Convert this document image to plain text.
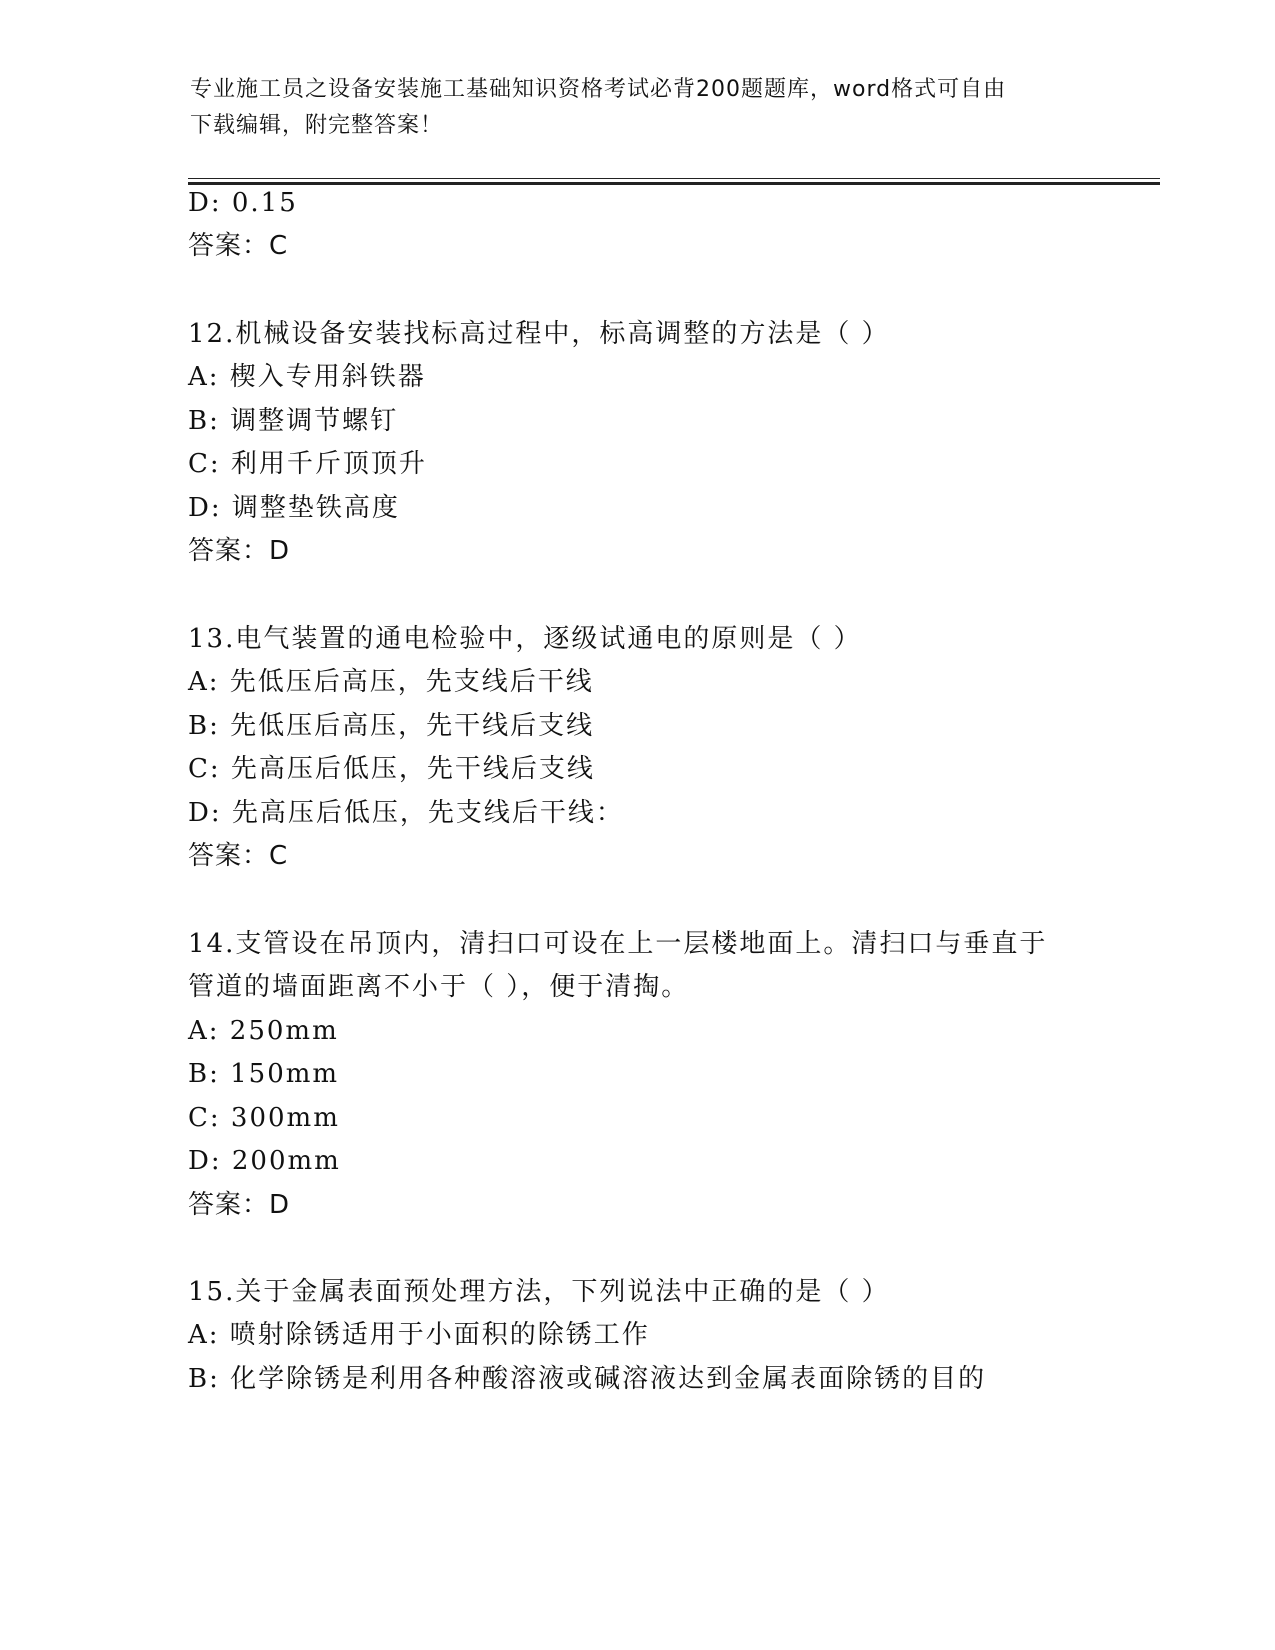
专业施工员之设备安装施工基础知识资格考试必背200题题库，word格式可自由
下载编辑，附完整答案！
D: 0.15
答案：C
12.机械设备安装找标高过程中，标高调整的方法是（ ）
A: 楔入专用斜铁器
B: 调整调节螺钉
C: 利用千斤顶顶升
D: 调整垫铁高度
答案：D
13.电气装置的通电检验中，逐级试通电的原则是（ ）
A: 先低压后高压，先支线后干线
B: 先低压后高压，先干线后支线
C: 先高压后低压，先干线后支线
D: 先高压后低压，先支线后干线：
答案：C
14.支管设在吊顶内，清扫口可设在上一层楼地面上。清扫口与垂直于
管道的墙面距离不小于（ ），便于清掏。
A: 250mm
B: 150mm
C: 300mm
D: 200mm
答案：D
15.关于金属表面预处理方法，下列说法中正确的是（ ）
A: 喷射除锈适用于小面积的除锈工作
B: 化学除锈是利用各种酸溶液或碱溶液达到金属表面除锈的目的
